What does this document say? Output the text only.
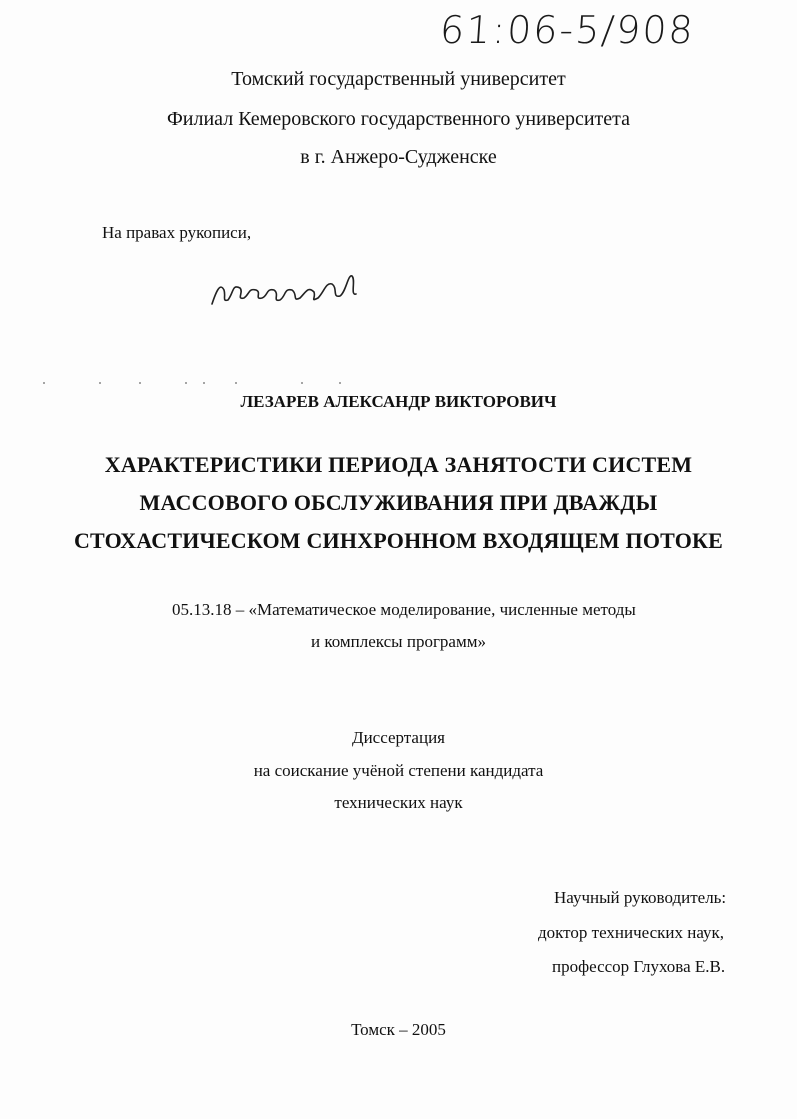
61:06-5/908
Томский государственный университет
Филиал Кемеровского государственного университета
в г. Анжеро-Судженске
На правах рукописи,
ЛЕЗАРЕВ АЛЕКСАНДР ВИКТОРОВИЧ
ХАРАКТЕРИСТИКИ ПЕРИОДА ЗАНЯТОСТИ СИСТЕМ
МАССОВОГО ОБСЛУЖИВАНИЯ ПРИ ДВАЖДЫ
СТОХАСТИЧЕСКОМ СИНХРОННОМ ВХОДЯЩЕМ ПОТОКЕ
05.13.18 – «Математическое моделирование, численные методы
и комплексы программ»
Диссертация
на соискание учёной степени кандидата
технических наук
Научный руководитель:
доктор технических наук,
профессор Глухова Е.В.
Томск – 2005
